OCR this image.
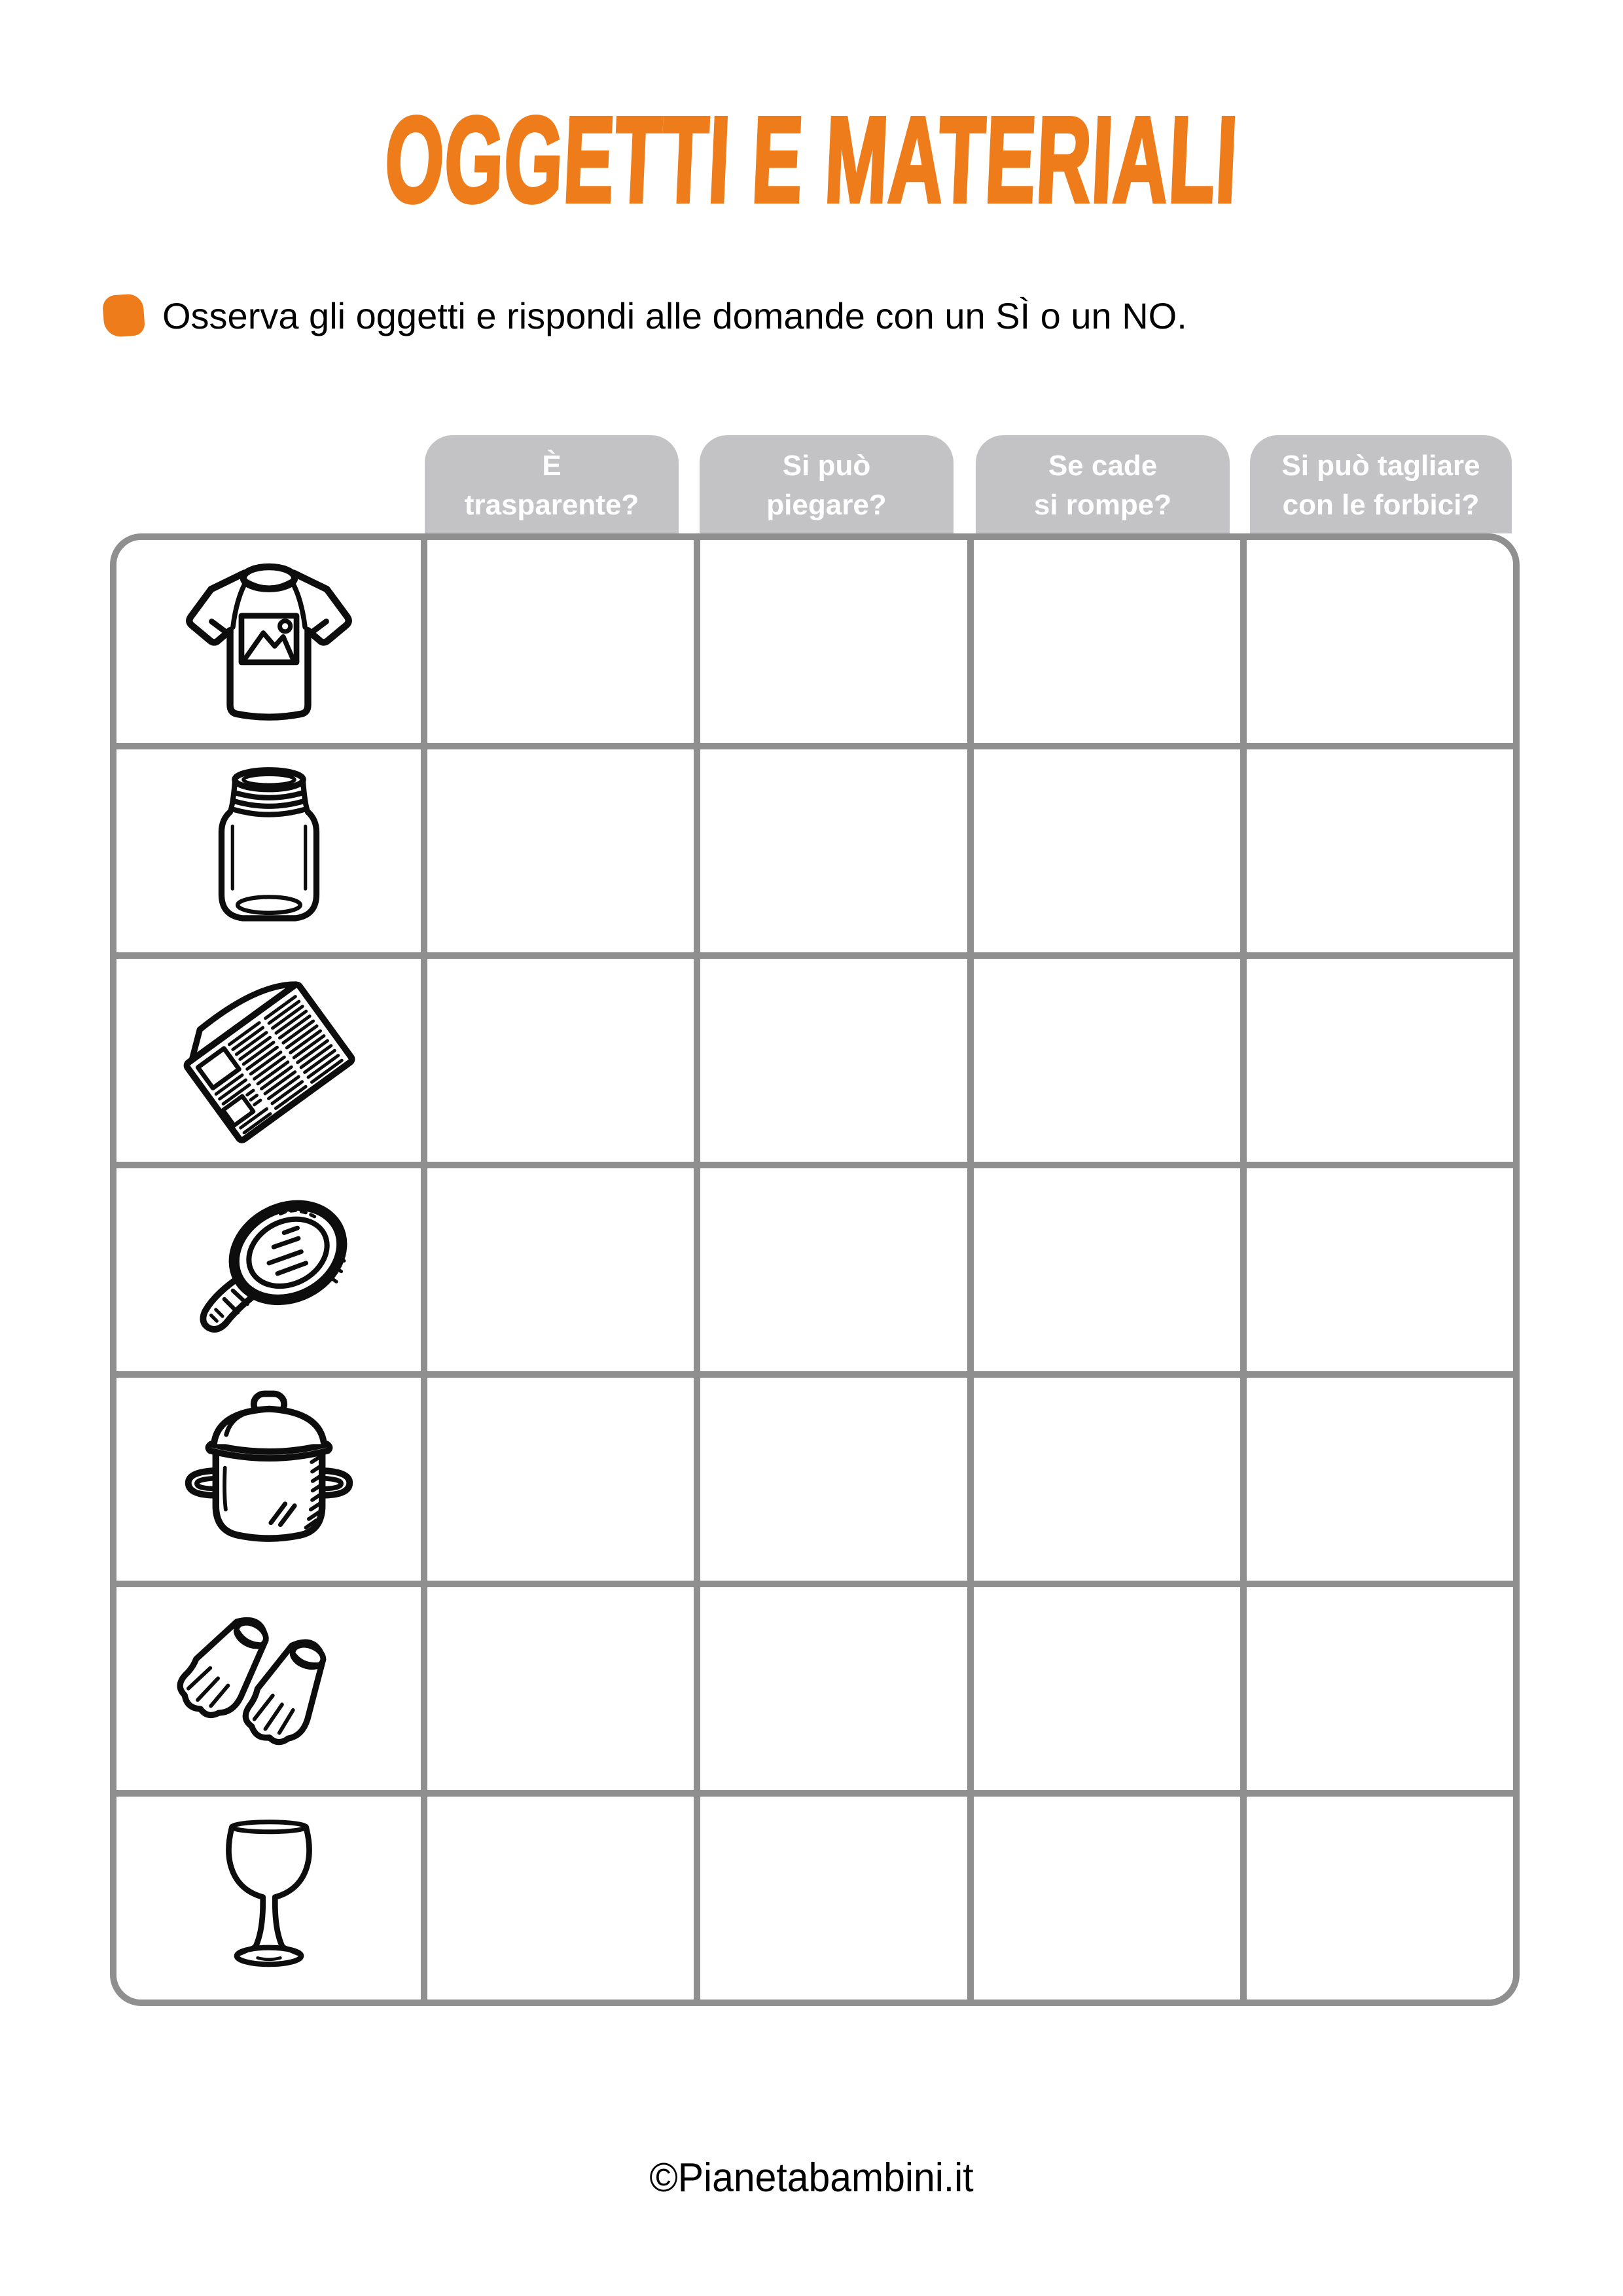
OGGETTI E MATERIALI
Osserva gli oggetti e rispondi alle domande con un SÌ o un NO.
È
trasparente?
Si può
piegare?
Se cade
si rompe?
Si può tagliare
con le forbici?
©Pianetabambini.it
